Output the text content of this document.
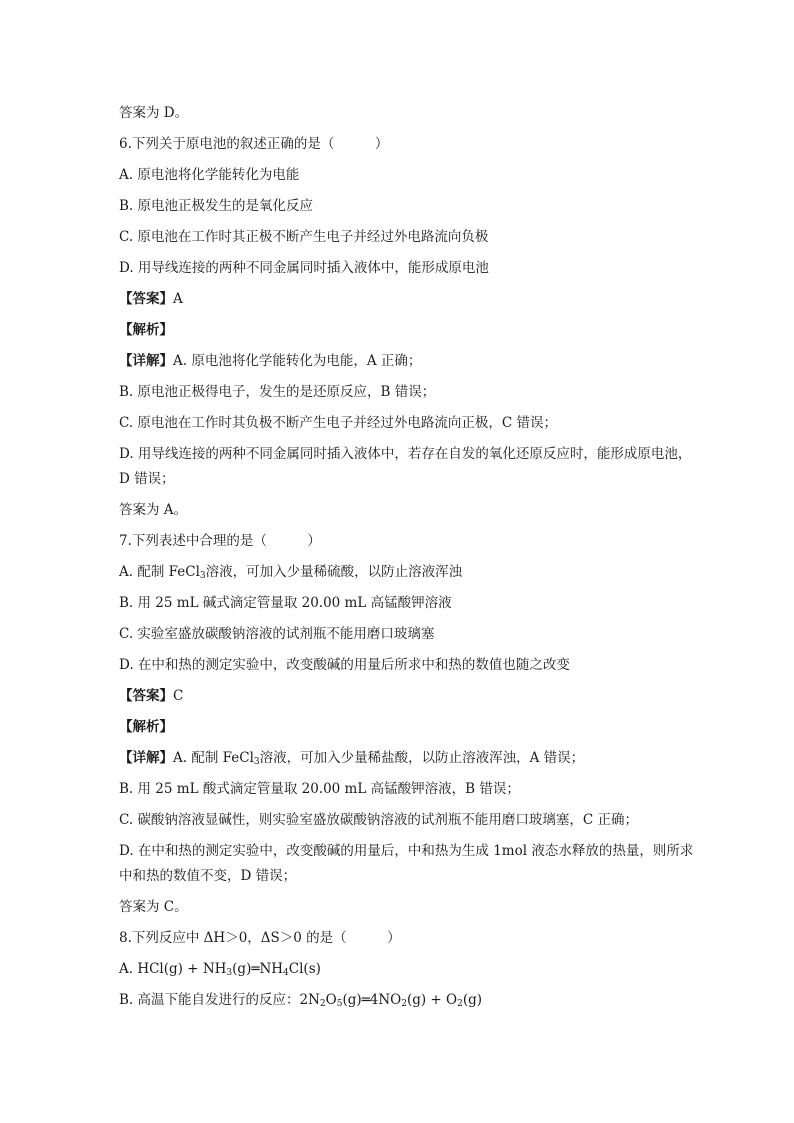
答案为 D。
6.下列关于原电池的叙述正确的是（　　　）
A. 原电池将化学能转化为电能
B. 原电池正极发生的是氧化反应
C. 原电池在工作时其正极不断产生电子并经过外电路流向负极
D. 用导线连接的两种不同金属同时插入液体中，能形成原电池
【答案】A
【解析】
【详解】A. 原电池将化学能转化为电能，A 正确；
B. 原电池正极得电子，发生的是还原反应，B 错误；
C. 原电池在工作时其负极不断产生电子并经过外电路流向正极，C 错误；
D. 用导线连接的两种不同金属同时插入液体中，若存在自发的氧化还原反应时，能形成原电池，D 错误；
答案为 A。
7.下列表述中合理的是（　　　）
A. 配制 FeCl$_3$溶液，可加入少量稀硫酸，以防止溶液浑浊
B. 用 25 mL 碱式滴定管量取 20.00 mL 高锰酸钾溶液
C. 实验室盛放碳酸钠溶液的试剂瓶不能用磨口玻璃塞
D. 在中和热的测定实验中，改变酸碱的用量后所求中和热的数值也随之改变
【答案】C
【解析】
【详解】A. 配制 FeCl$_3$溶液，可加入少量稀盐酸，以防止溶液浑浊，A 错误；
B. 用 25 mL 酸式滴定管量取 20.00 mL 高锰酸钾溶液，B 错误；
C. 碳酸钠溶液显碱性，则实验室盛放碳酸钠溶液的试剂瓶不能用磨口玻璃塞，C 正确；
D. 在中和热的测定实验中，改变酸碱的用量后，中和热为生成 1mol 液态水释放的热量，则所求中和热的数值不变，D 错误；
答案为 C。
8.下列反应中 ΔH＞0，ΔS＞0 的是（　　　）
A. $HCl(g) + NH_3(g)═NH_4Cl(s)$
B. 高温下能自发进行的反应：$2N_2O_5(g)═4NO_2(g) + O_2(g)$
